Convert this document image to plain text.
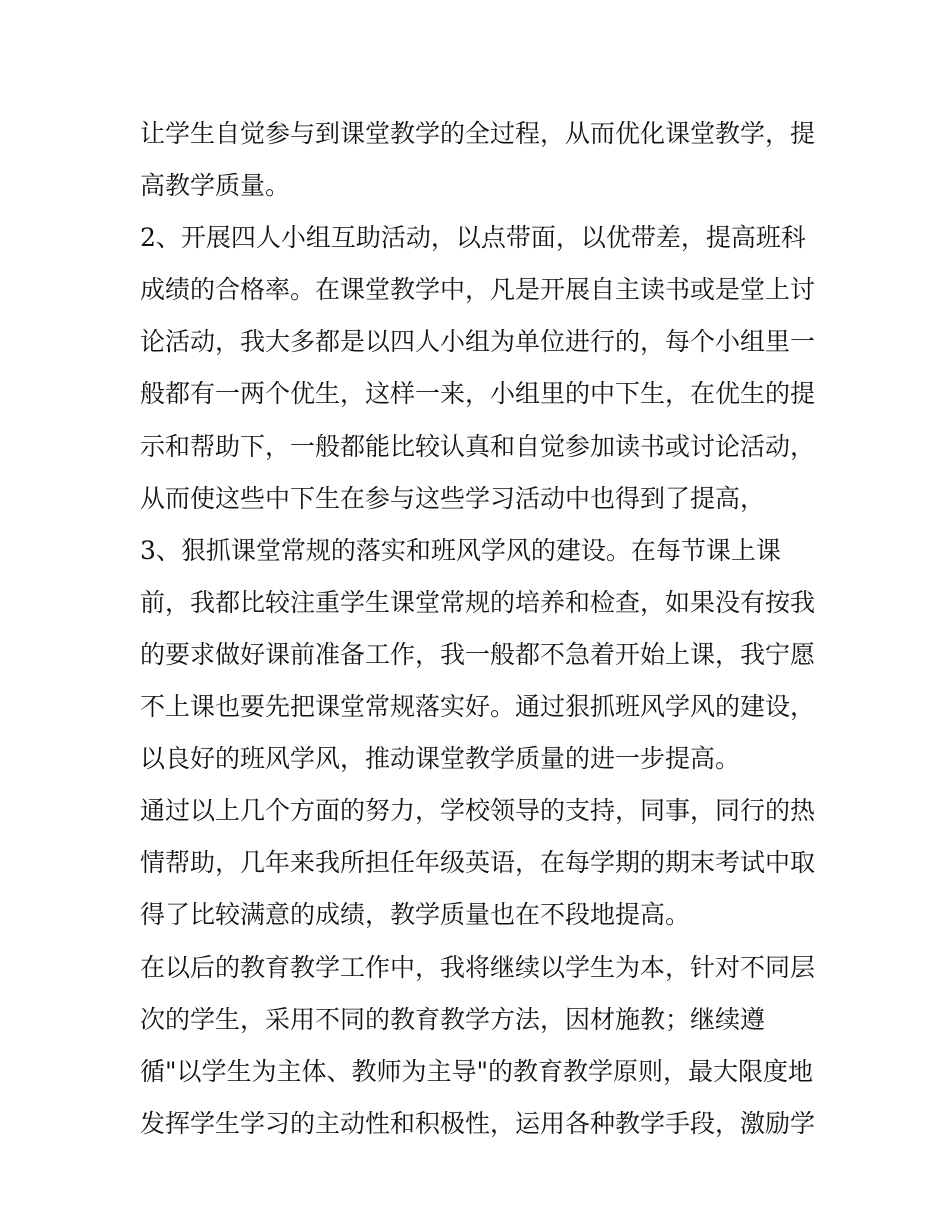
让学生自觉参与到课堂教学的全过程，从而优化课堂教学，提
高教学质量。
2、开展四人小组互助活动，以点带面，以优带差，提高班科
成绩的合格率。在课堂教学中，凡是开展自主读书或是堂上讨
论活动，我大多都是以四人小组为单位进行的，每个小组里一
般都有一两个优生，这样一来，小组里的中下生，在优生的提
示和帮助下，一般都能比较认真和自觉参加读书或讨论活动，
从而使这些中下生在参与这些学习活动中也得到了提高，
3、狠抓课堂常规的落实和班风学风的建设。在每节课上课
前，我都比较注重学生课堂常规的培养和检查，如果没有按我
的要求做好课前准备工作，我一般都不急着开始上课，我宁愿
不上课也要先把课堂常规落实好。通过狠抓班风学风的建设，
以良好的班风学风，推动课堂教学质量的进一步提高。
通过以上几个方面的努力，学校领导的支持，同事，同行的热
情帮助，几年来我所担任年级英语，在每学期的期末考试中取
得了比较满意的成绩，教学质量也在不段地提高。
在以后的教育教学工作中，我将继续以学生为本，针对不同层
次的学生，采用不同的教育教学方法，因材施教；继续遵
循"以学生为主体、教师为主导"的教育教学原则，最大限度地
发挥学生学习的主动性和积极性，运用各种教学手段，激励学
